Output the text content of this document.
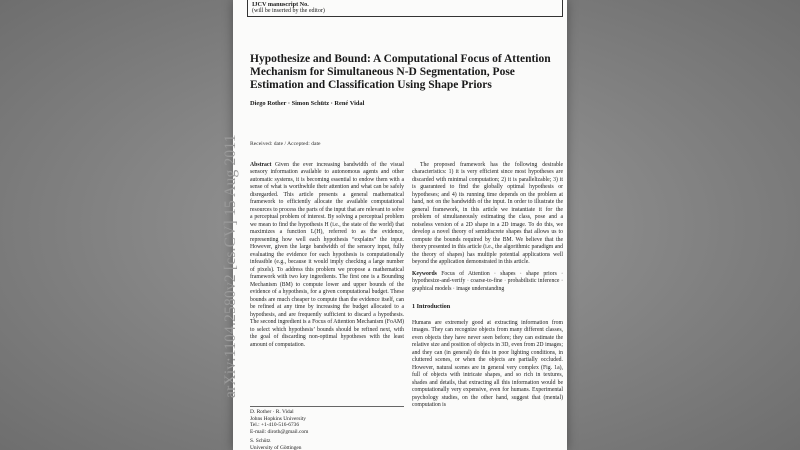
arXiv:1104.2580v2 [cs.CV] 15 Aug 2011
IJCV manuscript No.
(will be inserted by the editor)
Hypothesize and Bound: A Computational Focus of Attention Mechanism for Simultaneous N-D Segmentation, Pose Estimation and Classification Using Shape Priors
Diego Rother · Simon Schütz · René Vidal
Received: date / Accepted: date

Abstract Given the ever increasing bandwidth of the visual sensory information available to autonomous agents and other automatic systems, it is becoming essential to endow them with a sense of what is worthwhile their attention and what can be safely disregarded. This article presents a general mathematical framework to efficiently allocate the available computational resources to process the parts of the input that are relevant to solve a perceptual problem of interest. By solving a perceptual problem we mean to find the hypothesis H (i.e., the state of the world) that maximizes a function L(H), referred to as the evidence, representing how well each hypothesis “explains” the input. However, given the large bandwidth of the sensory input, fully evaluating the evidence for each hypothesis is computationally infeasible (e.g., because it would imply checking a large number of pixels). To address this problem we propose a mathematical framework with two key ingredients. The first one is a Bounding Mechanism (BM) to compute lower and upper bounds of the evidence of a hypothesis, for a given computational budget. These bounds are much cheaper to compute than the evidence itself, can be refined at any time by increasing the budget allocated to a hypothesis, and are frequently sufficient to discard a hypothesis. The second ingredient is a Focus of Attention Mechanism (FoAM) to select which hypothesis’ bounds should be refined next, with the goal of discarding non-optimal hypotheses with the least amount of computation.

The proposed framework has the following desirable characteristics: 1) it is very efficient since most hypotheses are discarded with minimal computation; 2) it is parallelizable; 3) it is guaranteed to find the globally optimal hypothesis or hypotheses; and 4) its running time depends on the problem at hand, not on the bandwidth of the input. In order to illustrate the general framework, in this article we instantiate it for the problem of simultaneously estimating the class, pose and a noiseless version of a 2D shape in a 2D image. To do this, we develop a novel theory of semidiscrete shapes that allows us to compute the bounds required by the BM. We believe that the theory presented in this article (i.e., the algorithmic paradigm and the theory of shapes) has multiple potential applications well beyond the application demonstrated in this article.

Keywords Focus of Attention · shapes · shape priors · hypothesize-and-verify · coarse-to-fine · probabilistic inference · graphical models · image understanding

1 Introduction

Humans are extremely good at extracting information from images. They can recognize objects from many different classes, even objects they have never seen before; they can estimate the relative size and position of objects in 3D, even from 2D images; and they can (in general) do this in poor lighting conditions, in cluttered scenes, or when the objects are partially occluded. However, natural scenes are in general very complex (Fig. 1a), full of objects with intricate shapes, and so rich in textures, shades and details, that extracting all this information would be computationally very expensive, even for humans. Experimental psychology studies, on the other hand, suggest that (mental) computation is

D. Rother · R. Vidal

Johns Hopkins University

Tel.: +1-410-516-6736

E-mail: diroth@gmail.com

S. Schütz

University of Göttingen
